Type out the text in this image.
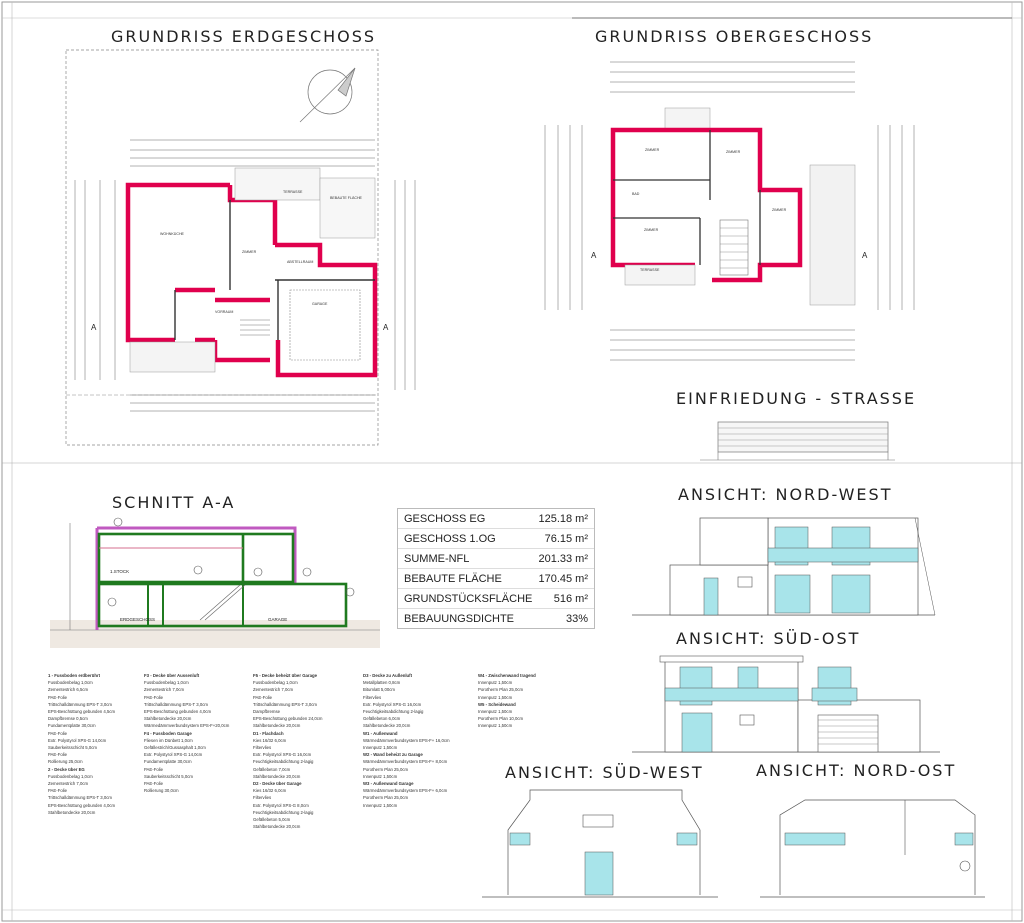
GRUNDRISS ERDGESCHOSS	GRUNDRISS OBERGESCHOSS
EINFRIEDUNG - STRASSE
SCHNITT A-A	ANSICHT: NORD-WEST
ANSICHT: SÜD-OST
ANSICHT: SÜD-WEST	ANSICHT: NORD-OST
A	A
A	A
WOHNKÜCHE
ZIMMER
VORRAUM
ABSTELLRAUM
GARAGE
TERRASSE
BEBAUTE FLÄCHE
ZIMMER	ZIMMER
ZIMMER
ZIMMER
BAD
TERRASSE
1.STOCK
ERDGESCHOSS	GARAGE
GESCHOSS EG	125.18 m²
GESCHOSS 1.OG	76.15 m²
SUMME-NFL	201.33 m²
BEBAUTE FLÄCHE	170.45 m²
GRUNDSTÜCKSFLÄCHE 516 m²
BEBAUUNGSDICHTE	33%
1 - Fussboden erdberührt
Fussbodenbelag 1,0cm
Zementestrich 6,5cm
PAE-Folie
Trittschalldämmung EPS-T 3,0cm
EPS-Beschüttung gebunden 4,5cm
Dampfbremse 0,5cm
Fundamentplatte 30,0cm
PAE-Folie
Extr. Polystyrol XPS-G 14,0cm
Sauberkeitsschicht 5,0cm
PAE-Folie
Rollierung 25,0cm
2 - Decke über EG
Fussbodenbelag 1,0cm
Zementestrich 7,0cm
PAE-Folie
Trittschalldämmung EPS-T 3,0cm
EPS-Beschüttung gebunden 4,0cm
Stahlbetondecke 20,0cm
F3 - Decke über Aussenluft
Fussbodenbelag 1,0cm
Zementestrich 7,0cm
PAE-Folie
Trittschalldämmung EPS-T 3,0cm
EPS-Beschüttung gebunden 4,0cm
Stahlbetondecke 20,0cm
Wärmedämmverbundsystem EPS-F+20,0cm
F4 - Fussboden Garage
Fliesen im Dünbett 1,0cm
Gefällestrich/Gussasphalt 1,0cm
Extr. Polystyrol XPS-G 14,0cm
Fundamentplatte 30,0cm
PAE-Folie
Sauberkeitsschicht 5,0cm
PAE-Folie
Rollierung 30,0cm
F5 - Decke beheizt über Garage
Fussbodenbelag 1,0cm
Zementestrich 7,0cm
PAE-Folie
Trittschalldämmung EPS-T 3,0cm
Dampfbremse
EPS-Beschüttung gebunden 24,0cm
Stahlbetondecke 20,0cm
D1 - Flachdach
Kies 16/32 6,0cm
Filtervlies
Extr. Polystyrol XPS-G 16,0cm
Feuchtigkeitsabdichtung 2-lagig
Gefällebeton 7,0cm
Stahlbetondecke 20,0cm
D2 - Decke über Garage
Kies 16/32 6,0cm
Filtervlies
Extr. Polystyrol XPS-G 8,0cm
Feuchtigkeitsabdichtung 2-lagig
Gefällebeton 5,0cm
Stahlbetondecke 20,0cm
D3 - Decke zu Außenluft
Metallplatten 0,8cm
Bitumlatt 5,00cm
Filtervlies
Extr. Polystyrol XPS-G 16,0cm
Feuchtigkeitsabdichtung 2-lagig
Gefällebeton 6,0cm
Stahlbetondecke 20,0cm
W1 - Außenwand
Wärmedämmverbundsystem EPS-F+ 16,0cm
Innenputz 1,50cm
W2 - Wand beheizt zu Garage
Wärmedämmverbundsystem EPS-F+ 8,0cm
Porotherm Plan 25,0cm
Innenputz 1,50cm
W3 - Außenwand Garage
Wärmedämmverbundsystem EPS-F+ 6,0cm
Porotherm Plan 25,0cm
Innenputz 1,50cm
W4 - Zwischenwand tragend
Innenputz 1,50cm
Porotherm Plan 25,0cm
Innenputz 1,50cm
W5 - Scheidewand
Innenputz 1,50cm
Porotherm Plan 10,0cm
Innenputz 1,50cm
